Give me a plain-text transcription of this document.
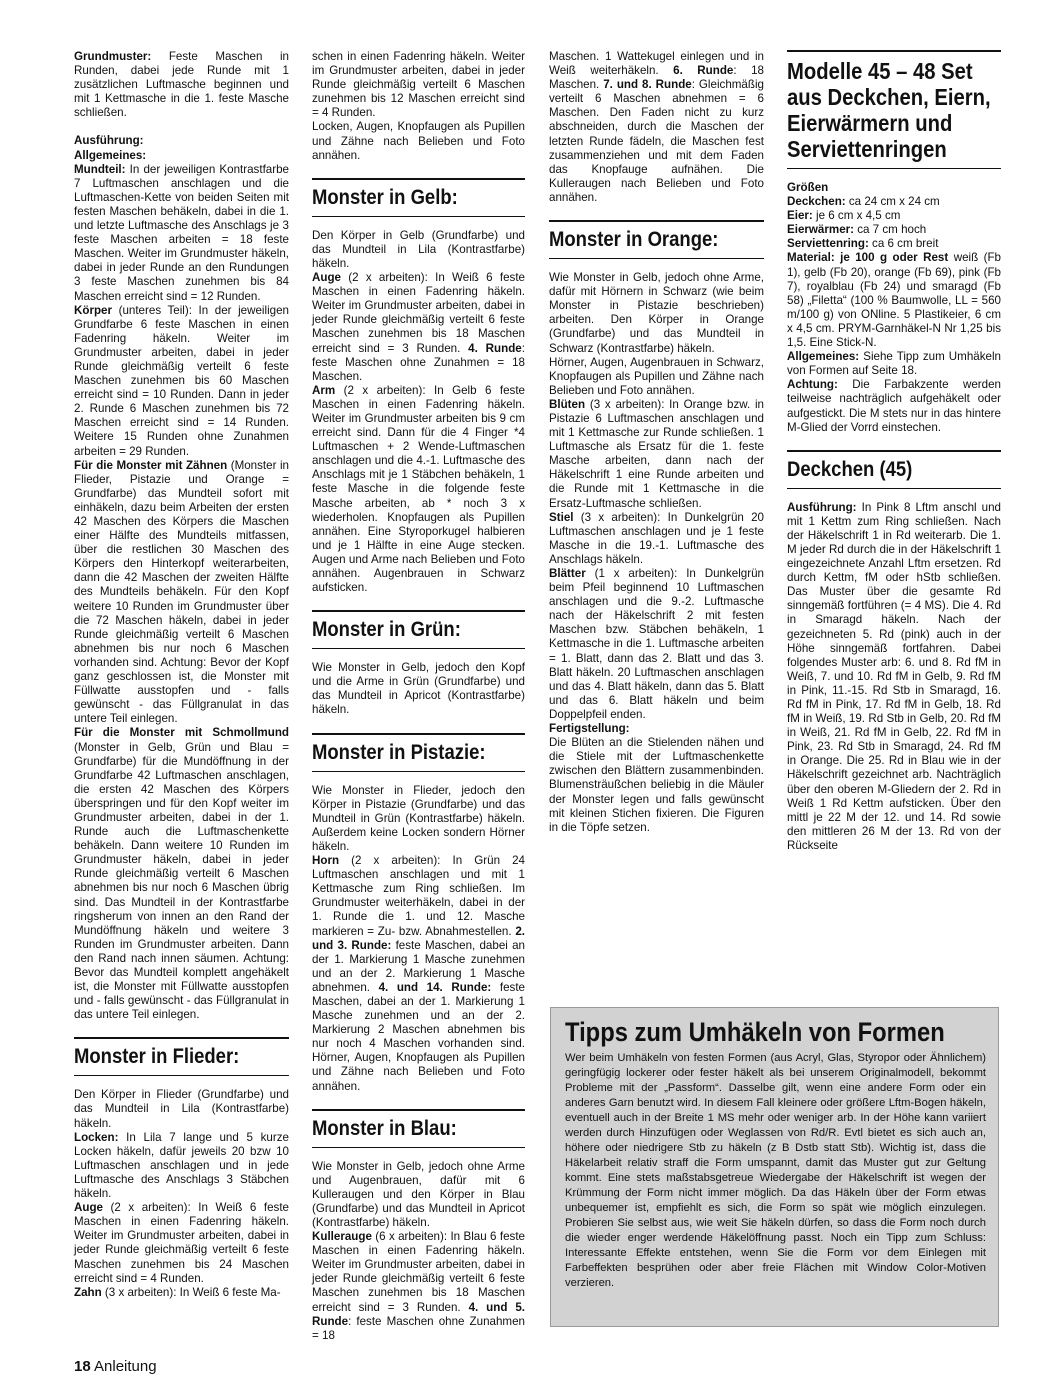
Grundmuster: Feste Maschen in Runden, dabei jede Runde mit 1 zusätzlichen Luftmasche beginnen und mit 1 Kettmasche in die 1. feste Masche schließen.

Ausführung:
Allgemeines:

Mundteil: In der jeweiligen Kontrastfarbe 7 Luftmaschen anschlagen und die Luftmaschen-Kette von beiden Seiten mit festen Maschen behäkeln, dabei in die 1. und letzte Luftmasche des Anschlags je 3 feste Maschen arbeiten = 18 feste Maschen. Weiter im Grundmuster häkeln, dabei in jeder Runde an den Rundungen 3 feste Maschen zunehmen bis 84 Maschen erreicht sind = 12 Runden.

Körper (unteres Teil): In der jeweiligen Grundfarbe 6 feste Maschen in einen Fadenring häkeln. Weiter im Grundmuster arbeiten, dabei in jeder Runde gleichmäßig verteilt 6 feste Maschen zunehmen bis 60 Maschen erreicht sind = 10 Runden. Dann in jeder 2. Runde 6 Maschen zunehmen bis 72 Maschen erreicht sind = 14 Runden. Weitere 15 Runden ohne Zunahmen arbeiten = 29 Runden.

Für die Monster mit Zähnen (Monster in Flieder, Pistazie und Orange = Grundfarbe) das Mundteil sofort mit einhäkeln, dazu beim Arbeiten der ersten 42 Maschen des Körpers die Maschen einer Hälfte des Mundteils mitfassen, über die restlichen 30 Maschen des Körpers den Hinterkopf weiterarbeiten, dann die 42 Maschen der zweiten Hälfte des Mundteils behäkeln. Für den Kopf weitere 10 Runden im Grundmuster über die 72 Maschen häkeln, dabei in jeder Runde gleichmäßig verteilt 6 Maschen abnehmen bis nur noch 6 Maschen vorhanden sind. Achtung: Bevor der Kopf ganz geschlossen ist, die Monster mit Füllwatte ausstopfen und - falls gewünscht - das Füllgranulat in das untere Teil einlegen.

Für die Monster mit Schmollmund (Monster in Gelb, Grün und Blau = Grundfarbe) für die Mundöffnung in der Grundfarbe 42 Luftmaschen anschlagen, die ersten 42 Maschen des Körpers überspringen und für den Kopf weiter im Grundmuster arbeiten, dabei in der 1. Runde auch die Luftmaschenkette behäkeln. Dann weitere 10 Runden im Grundmuster häkeln, dabei in jeder Runde gleichmäßig verteilt 6 Maschen abnehmen bis nur noch 6 Maschen übrig sind. Das Mundteil in der Kontrastfarbe ringsherum von innen an den Rand der Mundöffnung häkeln und weitere 3 Runden im Grundmuster arbeiten. Dann den Rand nach innen säumen. Achtung: Bevor das Mundteil komplett angehäkelt ist, die Monster mit Füllwatte ausstopfen und - falls gewünscht - das Füllgranulat in das untere Teil einlegen.

Monster in Flieder:

Den Körper in Flieder (Grundfarbe) und das Mundteil in Lila (Kontrastfarbe) häkeln.

Locken: In Lila 7 lange und 5 kurze Locken häkeln, dafür jeweils 20 bzw 10 Luftmaschen anschlagen und in jede Luftmasche des Anschlags 3 Stäbchen häkeln.

Auge (2 x arbeiten): In Weiß 6 feste Maschen in einen Fadenring häkeln. Weiter im Grundmuster arbeiten, dabei in jeder Runde gleichmäßig verteilt 6 feste Maschen zunehmen bis 24 Maschen erreicht sind = 4 Runden.

Zahn (3 x arbeiten): In Weiß 6 feste Ma-

schen in einen Fadenring häkeln. Weiter im Grundmuster arbeiten, dabei in jeder Runde gleichmäßig verteilt 6 Maschen zunehmen bis 12 Maschen erreicht sind = 4 Runden.

Locken, Augen, Knopfaugen als Pupillen und Zähne nach Belieben und Foto annähen.

Monster in Gelb:

Den Körper in Gelb (Grundfarbe) und das Mundteil in Lila (Kontrastfarbe) häkeln.

Auge (2 x arbeiten): In Weiß 6 feste Maschen in einen Fadenring häkeln. Weiter im Grundmuster arbeiten, dabei in jeder Runde gleichmäßig verteilt 6 feste Maschen zunehmen bis 18 Maschen erreicht sind = 3 Runden. 4. Runde: feste Maschen ohne Zunahmen = 18 Maschen.

Arm (2 x arbeiten): In Gelb 6 feste Maschen in einen Fadenring häkeln. Weiter im Grundmuster arbeiten bis 9 cm erreicht sind. Dann für die 4 Finger *4 Luftmaschen + 2 Wende-Luftmaschen anschlagen und die 4.-1. Luftmasche des Anschlags mit je 1 Stäbchen behäkeln, 1 feste Masche in die folgende feste Masche arbeiten, ab * noch 3 x wiederholen. Knopfaugen als Pupillen annähen. Eine Styroporkugel halbieren und je 1 Hälfte in eine Auge stecken. Augen und Arme nach Belieben und Foto annähen. Augenbrauen in Schwarz aufsticken.

Monster in Grün:

Wie Monster in Gelb, jedoch den Kopf und die Arme in Grün (Grundfarbe) und das Mundteil in Apricot (Kontrastfarbe) häkeln.

Monster in Pistazie:

Wie Monster in Flieder, jedoch den Körper in Pistazie (Grundfarbe) und das Mundteil in Grün (Kontrastfarbe) häkeln. Außerdem keine Locken sondern Hörner häkeln.

Horn (2 x arbeiten): In Grün 24 Luftmaschen anschlagen und mit 1 Kettmasche zum Ring schließen. Im Grundmuster weiterhäkeln, dabei in der 1. Runde die 1. und 12. Masche markieren = Zu- bzw. Abnahmestellen. 2. und 3. Runde: feste Maschen, dabei an der 1. Markierung 1 Masche zunehmen und an der 2. Markierung 1 Masche abnehmen. 4. und 14. Runde: feste Maschen, dabei an der 1. Markierung 1 Masche zunehmen und an der 2. Markierung 2 Maschen abnehmen bis nur noch 4 Maschen vorhanden sind. Hörner, Augen, Knopfaugen als Pupillen und Zähne nach Belieben und Foto annähen.

Monster in Blau:

Wie Monster in Gelb, jedoch ohne Arme und Augenbrauen, dafür mit 6 Kulleraugen und den Körper in Blau (Grundfarbe) und das Mundteil in Apricot (Kontrastfarbe) häkeln.

Kullerauge (6 x arbeiten): In Blau 6 feste Maschen in einen Fadenring häkeln. Weiter im Grundmuster arbeiten, dabei in jeder Runde gleichmäßig verteilt 6 feste Maschen zunehmen bis 18 Maschen erreicht sind = 3 Runden. 4. und 5. Runde: feste Maschen ohne Zunahmen = 18

Maschen. 1 Wattekugel einlegen und in Weiß weiterhäkeln. 6. Runde: 18 Maschen. 7. und 8. Runde: Gleichmäßig verteilt 6 Maschen abnehmen = 6 Maschen. Den Faden nicht zu kurz abschneiden, durch die Maschen der letzten Runde fädeln, die Maschen fest zusammenziehen und mit dem Faden das Knopfauge aufnähen. Die Kulleraugen nach Belieben und Foto annähen.

Monster in Orange:

Wie Monster in Gelb, jedoch ohne Arme, dafür mit Hörnern in Schwarz (wie beim Monster in Pistazie beschrieben) arbeiten. Den Körper in Orange (Grundfarbe) und das Mundteil in Schwarz (Kontrastfarbe) häkeln.

Hörner, Augen, Augenbrauen in Schwarz, Knopfaugen als Pupillen und Zähne nach Belieben und Foto annähen.

Blüten (3 x arbeiten): In Orange bzw. in Pistazie 6 Luftmaschen anschlagen und mit 1 Kettmasche zur Runde schließen. 1 Luftmasche als Ersatz für die 1. feste Masche arbeiten, dann nach der Häkelschrift 1 eine Runde arbeiten und die Runde mit 1 Kettmasche in die Ersatz-Luftmasche schließen.

Stiel (3 x arbeiten): In Dunkelgrün 20 Luftmaschen anschlagen und je 1 feste Masche in die 19.-1. Luftmasche des Anschlags häkeln.

Blätter (1 x arbeiten): In Dunkelgrün beim Pfeil beginnend 10 Luftmaschen anschlagen und die 9.-2. Luftmasche nach der Häkelschrift 2 mit festen Maschen bzw. Stäbchen behäkeln, 1 Kettmasche in die 1. Luftmasche arbeiten = 1. Blatt, dann das 2. Blatt und das 3. Blatt häkeln. 20 Luftmaschen anschlagen und das 4. Blatt häkeln, dann das 5. Blatt und das 6. Blatt häkeln und beim Doppelpfeil enden.

Fertigstellung:

Die Blüten an die Stielenden nähen und die Stiele mit der Luftmaschenkette zwischen den Blättern zusammenbinden. Blumensträußchen beliebig in die Mäuler der Monster legen und falls gewünscht mit kleinen Stichen fixieren. Die Figuren in die Töpfe setzen.

Modelle 45 – 48 Set aus Deckchen, Eiern, Eierwärmern und Serviettenringen

Größen

Deckchen: ca 24 cm x 24 cm

Eier: je 6 cm x 4,5 cm

Eierwärmer: ca 7 cm hoch

Serviettenring: ca 6 cm breit

Material: je 100 g oder Rest weiß (Fb 1), gelb (Fb 20), orange (Fb 69), pink (Fb 7), royalblau (Fb 24) und smaragd (Fb 58) „Filetta“ (100 % Baumwolle, LL = 560 m/100 g) von ONline. 5 Plastikeier, 6 cm x 4,5 cm. PRYM-Garnhäkel-N Nr 1,25 bis 1,5. Eine Stick-N.

Allgemeines: Siehe Tipp zum Umhäkeln von Formen auf Seite 18.

Achtung: Die Farbakzente werden teilweise nachträglich aufgehäkelt oder aufgestickt. Die M stets nur in das hintere M-Glied der Vorrd einstechen.

Deckchen (45)

Ausführung: In Pink 8 Lftm anschl und mit 1 Kettm zum Ring schließen. Nach der Häkelschrift 1 in Rd weiterarb. Die 1. M jeder Rd durch die in der Häkelschrift 1 eingezeichnete Anzahl Lftm ersetzen. Rd durch Kettm, fM oder hStb schließen. Das Muster über die gesamte Rd sinngemäß fortführen (= 4 MS). Die 4. Rd in Smaragd häkeln. Nach der gezeichneten 5. Rd (pink) auch in der Höhe sinngemäß fortfahren. Dabei folgendes Muster arb: 6. und 8. Rd fM in Weiß, 7. und 10. Rd fM in Gelb, 9. Rd fM in Pink, 11.-15. Rd Stb in Smaragd, 16. Rd fM in Pink, 17. Rd fM in Gelb, 18. Rd fM in Weiß, 19. Rd Stb in Gelb, 20. Rd fM in Weiß, 21. Rd fM in Gelb, 22. Rd fM in Pink, 23. Rd Stb in Smaragd, 24. Rd fM in Orange. Die 25. Rd in Blau wie in der Häkelschrift gezeichnet arb. Nachträglich über den oberen M-Gliedern der 2. Rd in Weiß 1 Rd Kettm aufsticken. Über den mittl je 22 M der 12. und 14. Rd sowie den mittleren 26 M der 13. Rd von der Rückseite

Tipps zum Umhäkeln von Formen

Wer beim Umhäkeln von festen Formen (aus Acryl, Glas, Styropor oder Ähnlichem) geringfügig lockerer oder fester häkelt als bei unserem Originalmodell, bekommt Probleme mit der „Passform“. Dasselbe gilt, wenn eine andere Form oder ein anderes Garn benutzt wird. In diesem Fall kleinere oder größere Lftm-Bogen häkeln, eventuell auch in der Breite 1 MS mehr oder weniger arb. In der Höhe kann variiert werden durch Hinzufügen oder Weglassen von Rd/R. Evtl bietet es sich auch an, höhere oder niedrigere Stb zu häkeln (z B Dstb statt Stb). Wichtig ist, dass die Häkelarbeit relativ straff die Form umspannt, damit das Muster gut zur Geltung kommt. Eine stets maßstabsgetreue Wiedergabe der Häkelschrift ist wegen der Krümmung der Form nicht immer möglich. Da das Häkeln über der Form etwas unbequemer ist, empfiehlt es sich, die Form so spät wie möglich einzulegen. Probieren Sie selbst aus, wie weit Sie häkeln dürfen, so dass die Form noch durch die wieder enger werdende Häkelöffnung passt. Noch ein Tipp zum Schluss: Interessante Effekte entstehen, wenn Sie die Form vor dem Einlegen mit Farbeffekten besprühen oder aber freie Flächen mit Window Color-Motiven verzieren.

18 Anleitung
